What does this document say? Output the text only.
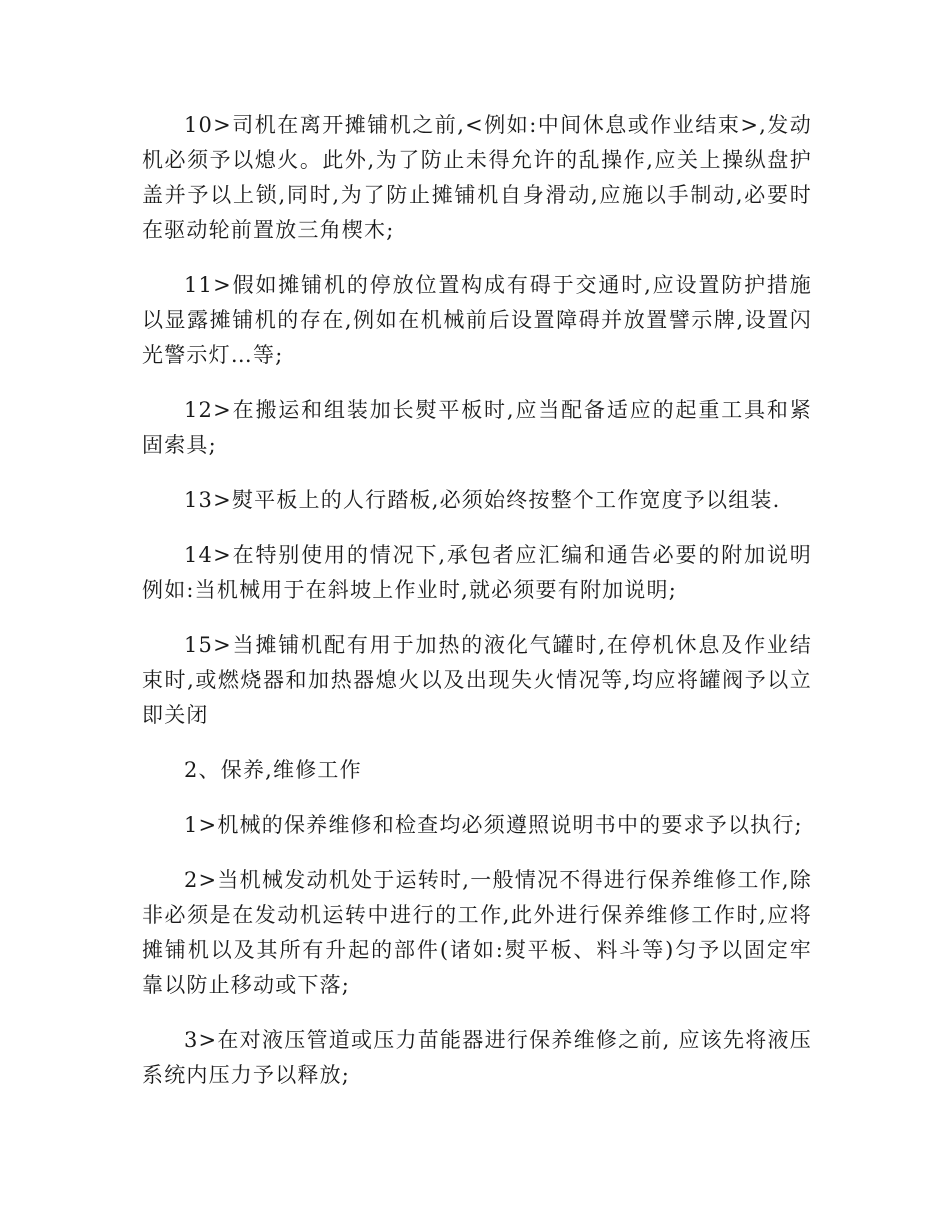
10>司机在离开摊铺机之前,<例如:中间休息或作业结束>,发动机必须予以熄火。此外,为了防止未得允许的乱操作,应关上操纵盘护盖并予以上锁,同时,为了防止摊铺机自身滑动,应施以手制动,必要时在驱动轮前置放三角楔木;

11>假如摊铺机的停放位置构成有碍于交通时,应设置防护措施以显露摊铺机的存在,例如在机械前后设置障碍并放置譬示牌,设置闪光警示灯…等;

12>在搬运和组装加长熨平板时,应当配备适应的起重工具和紧固索具;

13>熨平板上的人行踏板,必须始终按整个工作宽度予以组装.

14>在特别使用的情况下,承包者应汇编和通告必要的附加说明例如:当机械用于在斜坡上作业时,就必须要有附加说明;

15>当摊铺机配有用于加热的液化气罐时,在停机休息及作业结束时,或燃烧器和加热器熄火以及出现失火情况等,均应将罐阀予以立即关闭

2、保养,维修工作

1>机械的保养维修和检查均必须遵照说明书中的要求予以执行;

2>当机械发动机处于运转时,一般情况不得进行保养维修工作,除非必须是在发动机运转中进行的工作,此外进行保养维修工作时,应将摊铺机以及其所有升起的部件(诸如:熨平板、料斗等)匀予以固定牢靠以防止移动或下落;

3>在对液压管道或压力苗能器进行保养维修之前, 应该先将液压系统内压力予以释放;
